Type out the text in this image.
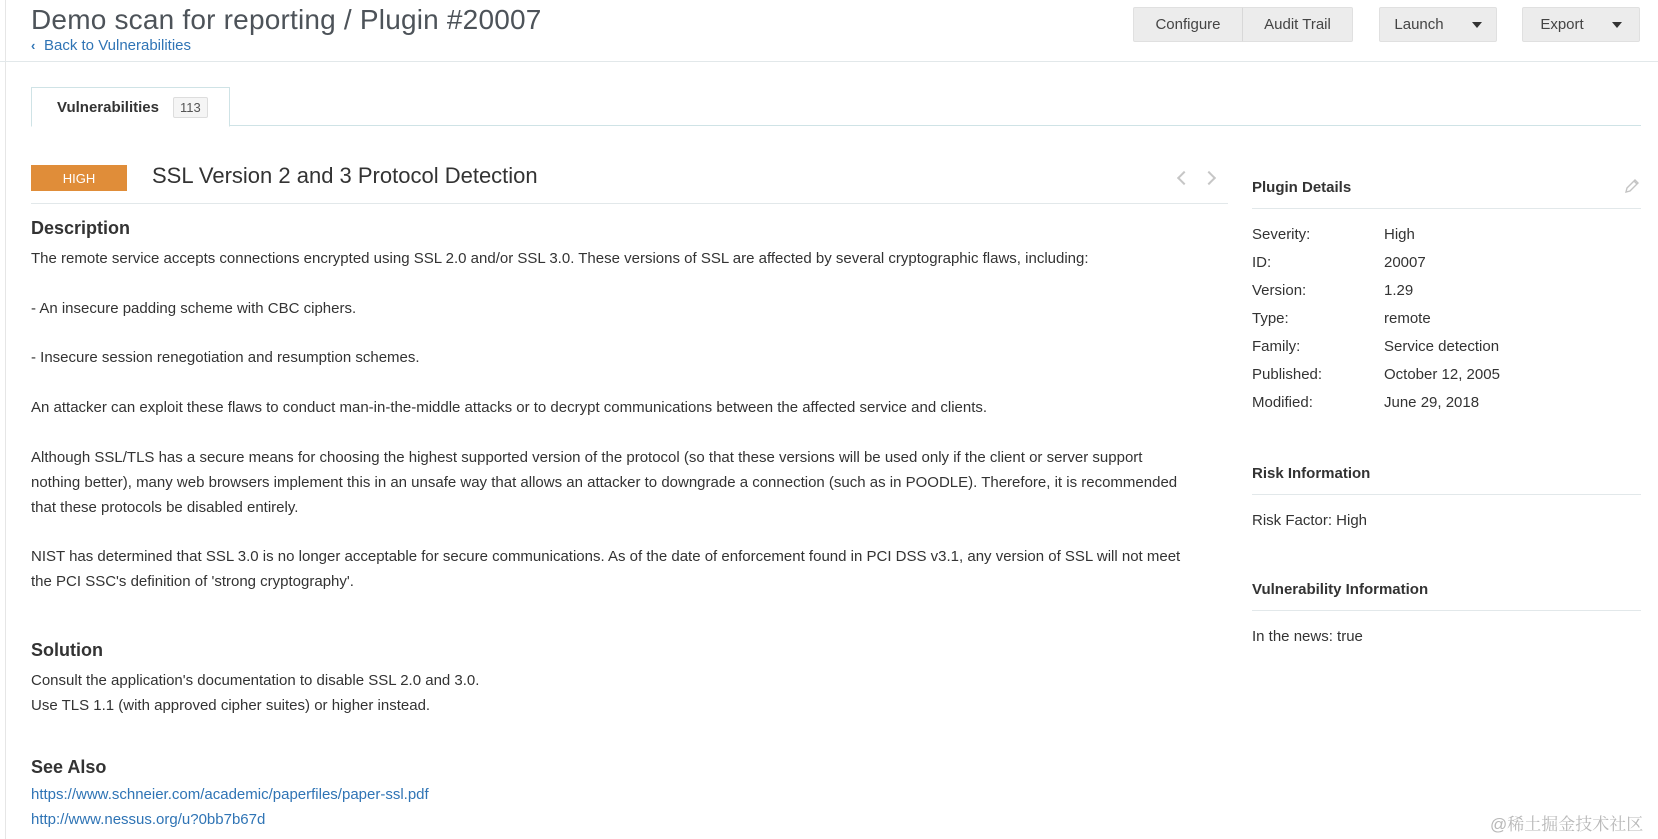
Demo scan for reporting / Plugin #20007
‹ Back to Vulnerabilities
Configure	Audit Trail	Launch	Export
Vulnerabilities	113
HIGH	SSL Version 2 and 3 Protocol Detection
Description

The remote service accepts connections encrypted using SSL 2.0 and/or SSL 3.0. These versions of SSL are affected by several cryptographic flaws, including:

- An insecure padding scheme with CBC ciphers.

- Insecure session renegotiation and resumption schemes.

An attacker can exploit these flaws to conduct man-in-the-middle attacks or to decrypt communications between the affected service and clients.

Although SSL/TLS has a secure means for choosing the highest supported version of the protocol (so that these versions will be used only if the client or server support nothing better), many web browsers implement this in an unsafe way that allows an attacker to downgrade a connection (such as in POODLE). Therefore, it is recommended that these protocols be disabled entirely.

NIST has determined that SSL 3.0 is no longer acceptable for secure communications. As of the date of enforcement found in PCI DSS v3.1, any version of SSL will not meet the PCI SSC's definition of 'strong cryptography'.

Solution

Consult the application's documentation to disable SSL 2.0 and 3.0.

Use TLS 1.1 (with approved cipher suites) or higher instead.

See Also
https://www.schneier.com/academic/paperfiles/paper-ssl.pdf
http://www.nessus.org/u?0bb7b67d
Plugin Details
Severity:	High
ID:	20007
Version:	1.29
Type:	remote
Family:	Service detection
Published:	October 12, 2005
Modified:	June 29, 2018
Risk Information
Risk Factor: High
Vulnerability Information
In the news: true
@稀土掘金技术社区
